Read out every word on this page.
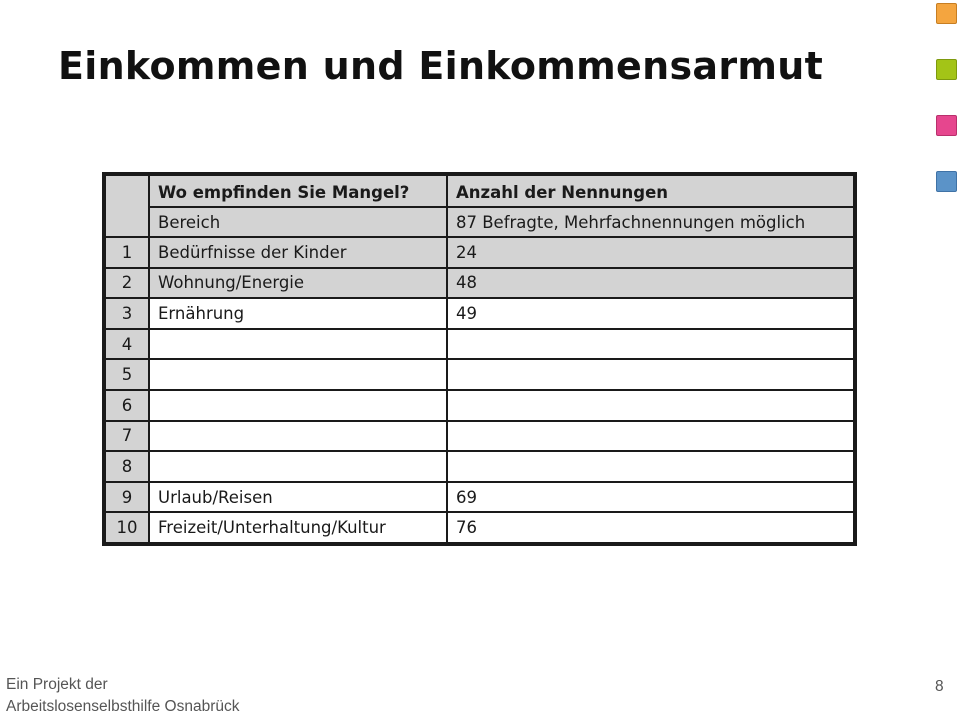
Einkommen und Einkommensarmut
	Wo empfinden Sie Mangel?	Anzahl der Nennungen
	Bereich	87 Befragte, Mehrfachnennungen möglich
1	Bedürfnisse der Kinder	24
2	Wohnung/Energie	48
3	Ernährung	49
4		
5		
6		
7		
8		
9	Urlaub/Reisen	69
10	Freizeit/Unterhaltung/Kultur	76
Ein Projekt der
Arbeitslosenselbsthilfe Osnabrück
8
